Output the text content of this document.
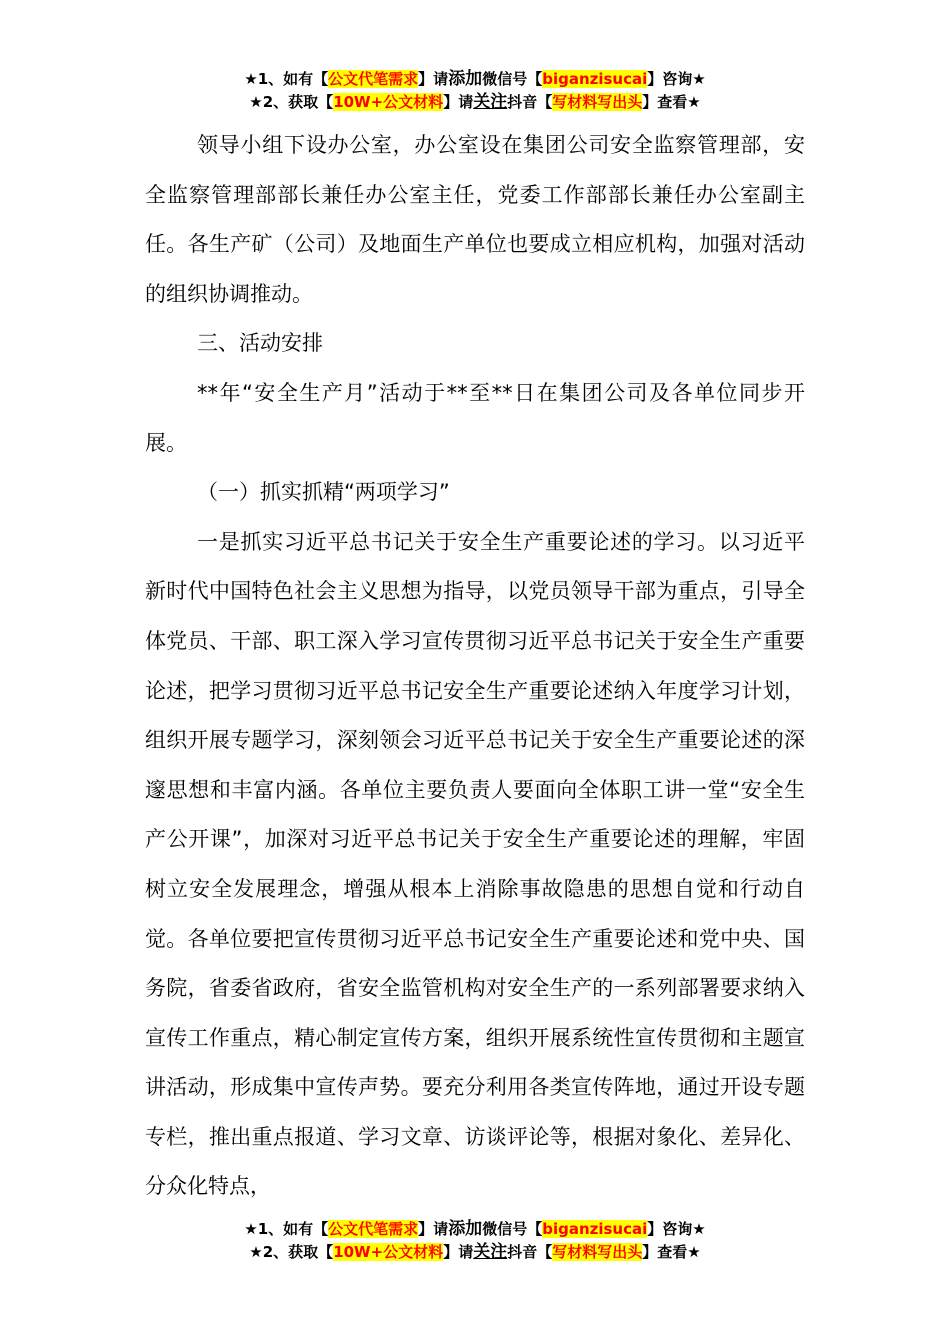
★1、如有【公文代笔需求】请添加微信号【biganzisucai】咨询★
★2、获取【10W+公文材料】请关注抖音【写材料写出头】查看★

领导小组下设办公室，办公室设在集团公司安全监察管理部，安全监察管理部部长兼任办公室主任，党委工作部部长兼任办公室副主任。各生产矿（公司）及地面生产单位也要成立相应机构，加强对活动的组织协调推动。

三、活动安排

**年“安全生产月”活动于**至**日在集团公司及各单位同步开展。

（一）抓实抓精“两项学习”

一是抓实习近平总书记关于安全生产重要论述的学习。以习近平新时代中国特色社会主义思想为指导，以党员领导干部为重点，引导全体党员、干部、职工深入学习宣传贯彻习近平总书记关于安全生产重要论述，把学习贯彻习近平总书记安全生产重要论述纳入年度学习计划，组织开展专题学习，深刻领会习近平总书记关于安全生产重要论述的深邃思想和丰富内涵。各单位主要负责人要面向全体职工讲一堂“安全生产公开课”，加深对习近平总书记关于安全生产重要论述的理解，牢固树立安全发展理念，增强从根本上消除事故隐患的思想自觉和行动自觉。各单位要把宣传贯彻习近平总书记安全生产重要论述和党中央、国务院，省委省政府，省安全监管机构对安全生产的一系列部署要求纳入宣传工作重点，精心制定宣传方案，组织开展系统性宣传贯彻和主题宣讲活动，形成集中宣传声势。要充分利用各类宣传阵地，通过开设专题专栏，推出重点报道、学习文章、访谈评论等，根据对象化、差异化、分众化特点，

★1、如有【公文代笔需求】请添加微信号【biganzisucai】咨询★
★2、获取【10W+公文材料】请关注抖音【写材料写出头】查看★
